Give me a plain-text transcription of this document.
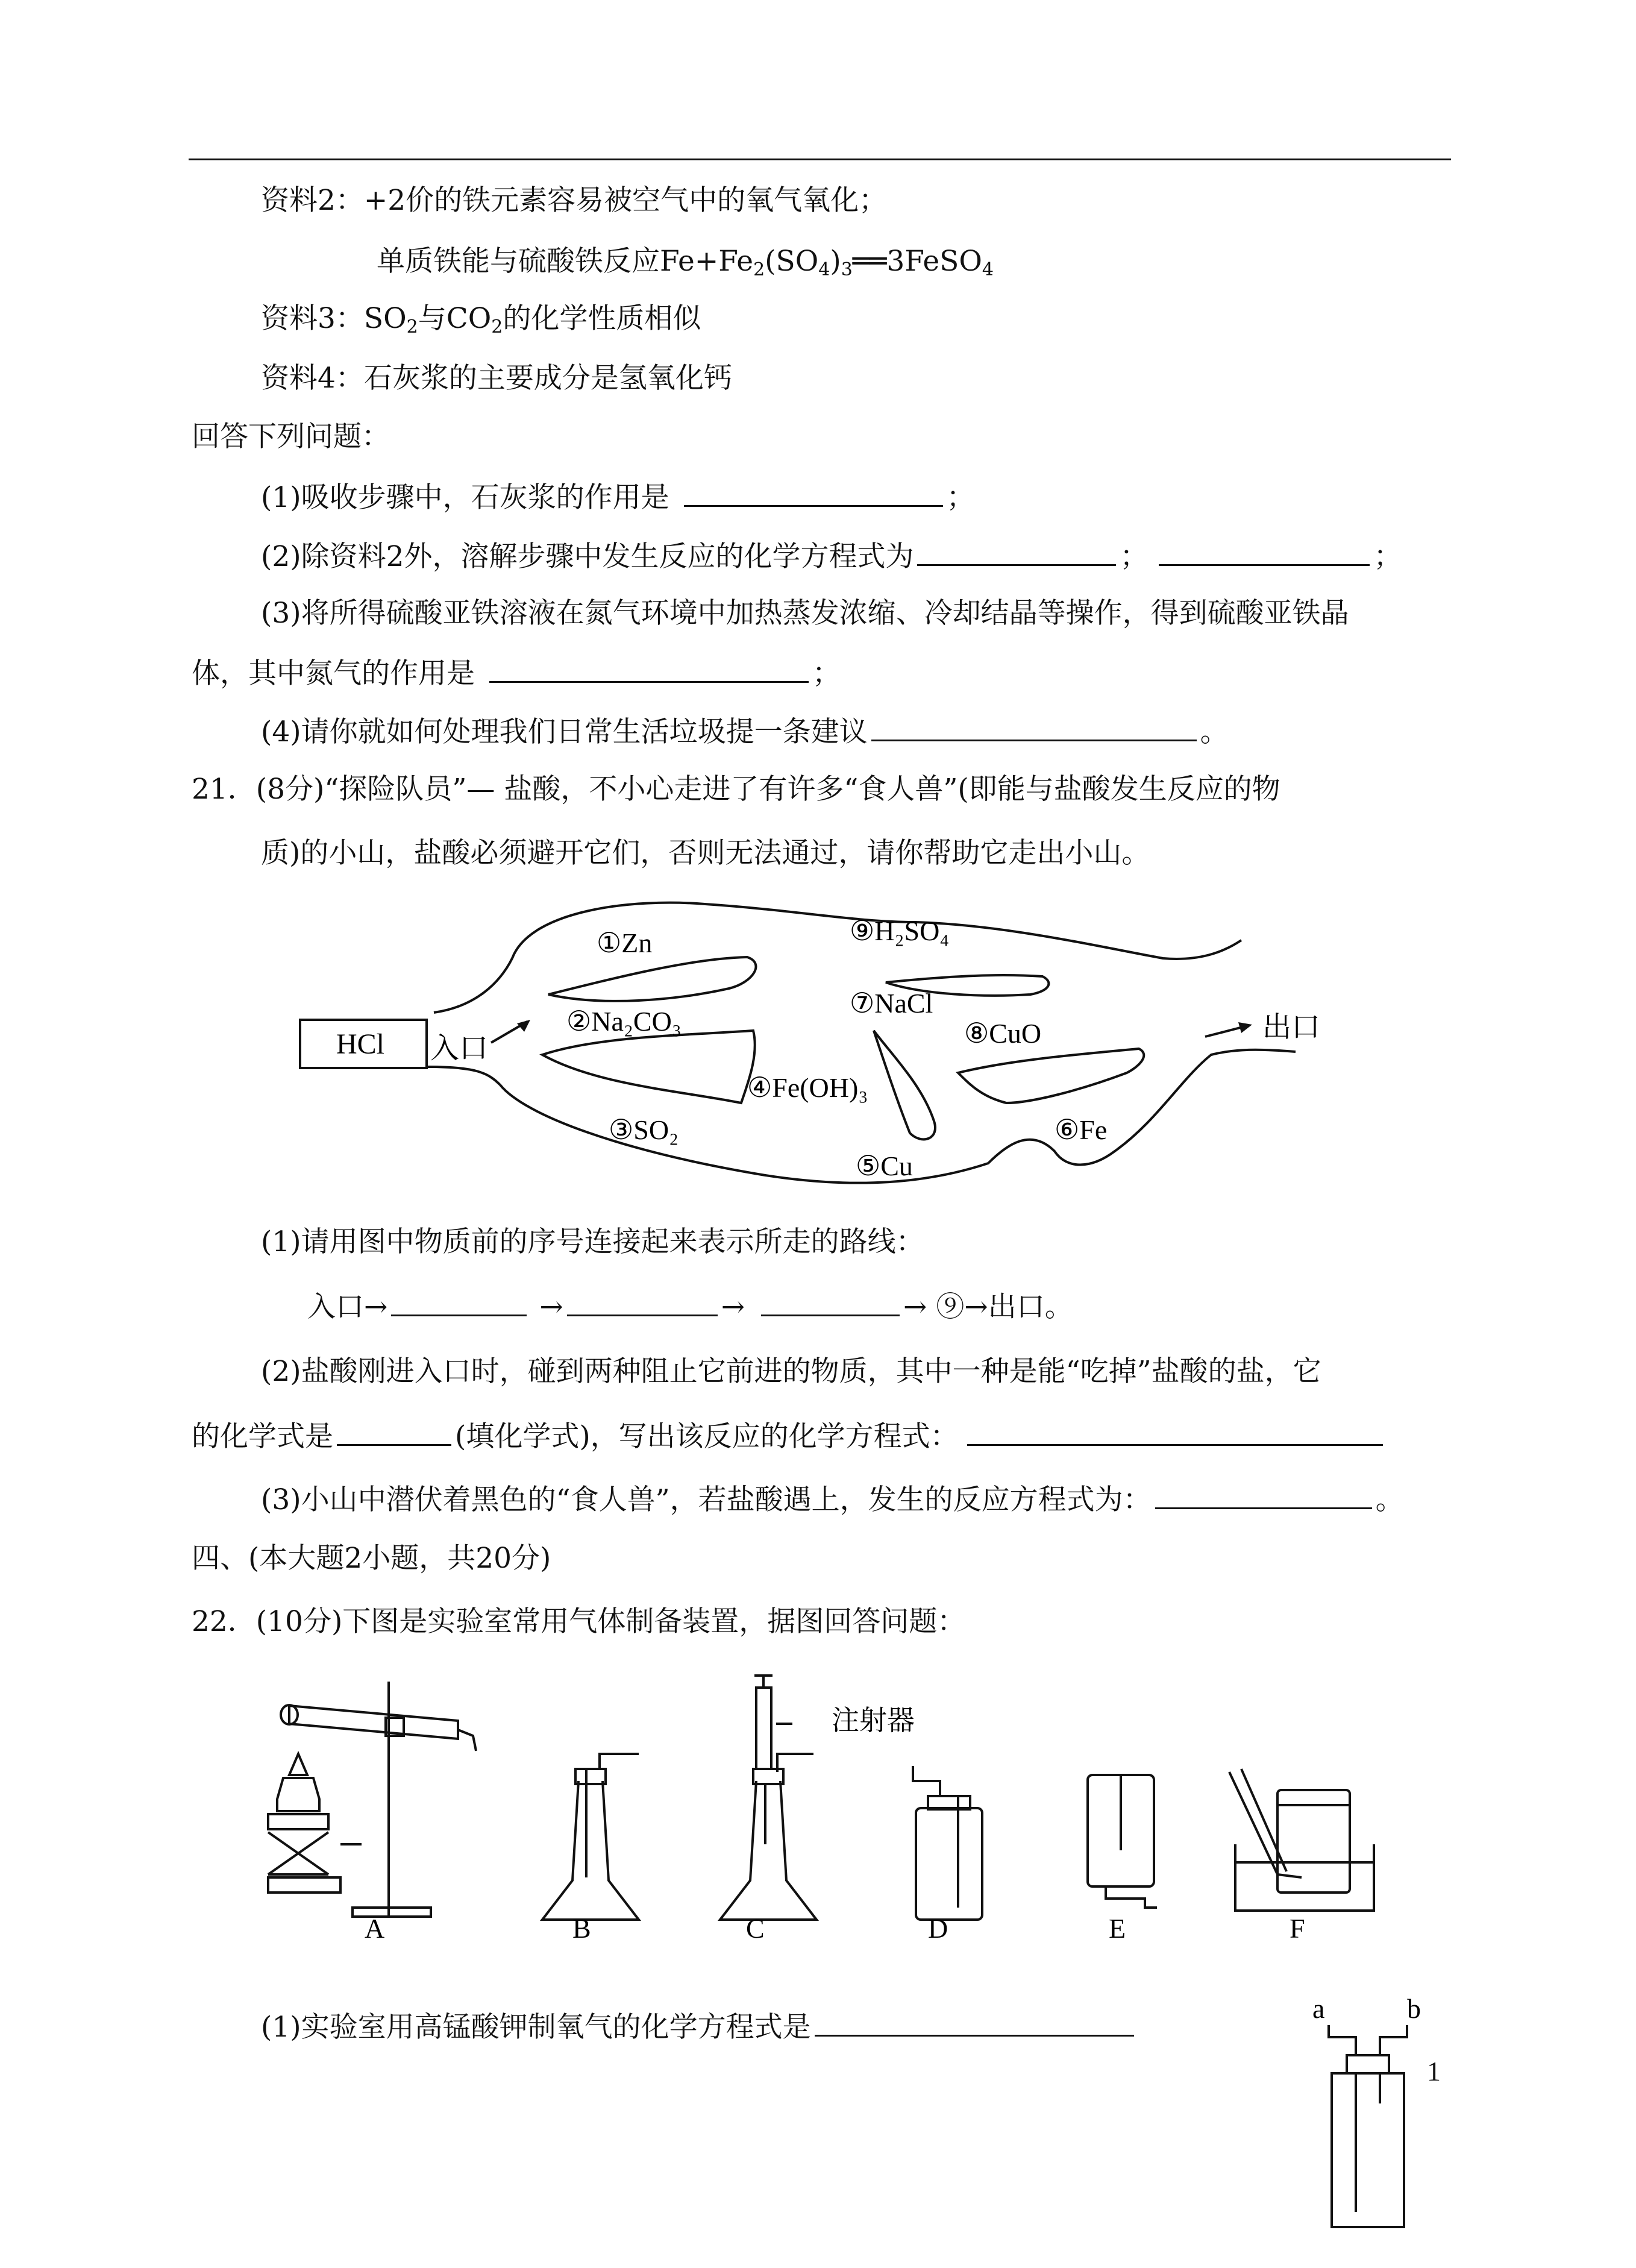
资料2：+2价的铁元素容易被空气中的氧气氧化；
单质铁能与硫酸铁反应$Fe+Fe_2(SO_4)_3══3FeSO_4$
资料3：$SO_2$与$CO_2$的化学性质相似
资料4：石灰浆的主要成分是氢氧化钙
回答下列问题：
(1)吸收步骤中，石灰浆的作用是	；
(2)除资料2外，溶解步骤中发生反应的化学方程式为	；	；
(3)将所得硫酸亚铁溶液在氮气环境中加热蒸发浓缩、冷却结晶等操作，得到硫酸亚铁晶
体，其中氮气的作用是	；
(4)请你就如何处理我们日常生活垃圾提一条建议	。
21．(8分)“探险队员”— 盐酸，不小心走进了有许多“食人兽”(即能与盐酸发生反应的物
质)的小山，盐酸必须避开它们，否则无法通过，请你帮助它走出小山。
HCl 入口
出口
①Zn
②Na₂CO₃
③SO₂
④Fe(OH)₃
⑤Cu
⑥Fe
⑦NaCl
⑧CuO
⑨H₂SO₄
(1)请用图中物质前的序号连接起来表示所走的路线：
入口→	→	→	→ ⑨→出口。
(2)盐酸刚进入口时，碰到两种阻止它前进的物质，其中一种是能“吃掉”盐酸的盐，它
的化学式是	(填化学式)，写出该反应的化学方程式：
(3)小山中潜伏着黑色的“食人兽”，若盐酸遇上，发生的反应方程式为：	。
四、(本大题2小题，共20分)
22．(10分)下图是实验室常用气体制备装置，据图回答问题：
注射器
A	B	C	D	E	F
(1)实验室用高锰酸钾制氧气的化学方程式是
a	b
1
